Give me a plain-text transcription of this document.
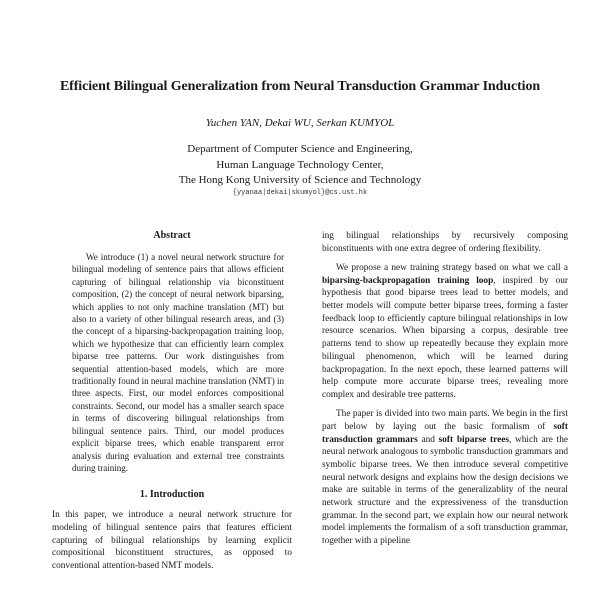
Efficient Bilingual Generalization from Neural Transduction Grammar Induction
Yuchen YAN, Dekai WU, Serkan KUMYOL
Department of Computer Science and Engineering,
Human Language Technology Center,
The Hong Kong University of Science and Technology
{yyanaa|dekai|skumyol}@cs.ust.hk
Abstract

We introduce (1) a novel neural network structure for bilingual modeling of sentence pairs that allows efficient capturing of bilingual relationship via biconstituent composition, (2) the concept of neural network biparsing, which applies to not only machine translation (MT) but also to a variety of other bilingual research areas, and (3) the concept of a biparsing-backpropagation training loop, which we hypothesize that can efficiently learn complex biparse tree patterns. Our work distinguishes from sequential attention-based models, which are more traditionally found in neural machine translation (NMT) in three aspects. First, our model enforces compositional constraints. Second, our model has a smaller search space in terms of discovering bilingual relationships from bilingual sentence pairs. Third, our model produces explicit biparse trees, which enable transparent error analysis during evaluation and external tree constraints during training.

1. Introduction

In this paper, we introduce a neural network structure for modeling of bilingual sentence pairs that features efficient capturing of bilingual relationships by learning explicit compositional biconstituent structures, as opposed to conventional attention-based NMT models.

ing bilingual relationships by recursively composing biconstituents with one extra degree of ordering flexibility.

We propose a new training strategy based on what we call a biparsing-backpropagation training loop, inspired by our hypothesis that good biparse trees lead to better models, and better models will compute better biparse trees, forming a faster feedback loop to efficiently capture bilingual relationships in low resource scenarios. When biparsing a corpus, desirable tree patterns tend to show up repeatedly because they explain more bilingual phenomenon, which will be learned during backpropagation. In the next epoch, these learned patterns will help compute more accurate biparse trees, revealing more complex and desirable tree patterns.

The paper is divided into two main parts. We begin in the first part below by laying out the basic formalism of soft transduction grammars and soft biparse trees, which are the neural network analogous to symbolic transduction grammars and symbolic biparse trees. We then introduce several competitive neural network designs and explains how the design decisions we make are suitable in terms of the generalizablity of the neural network structure and the expressiveness of the transduction grammar. In the second part, we explain how our neural network model implements the formalism of a soft transduction grammar, together with a pipeline
